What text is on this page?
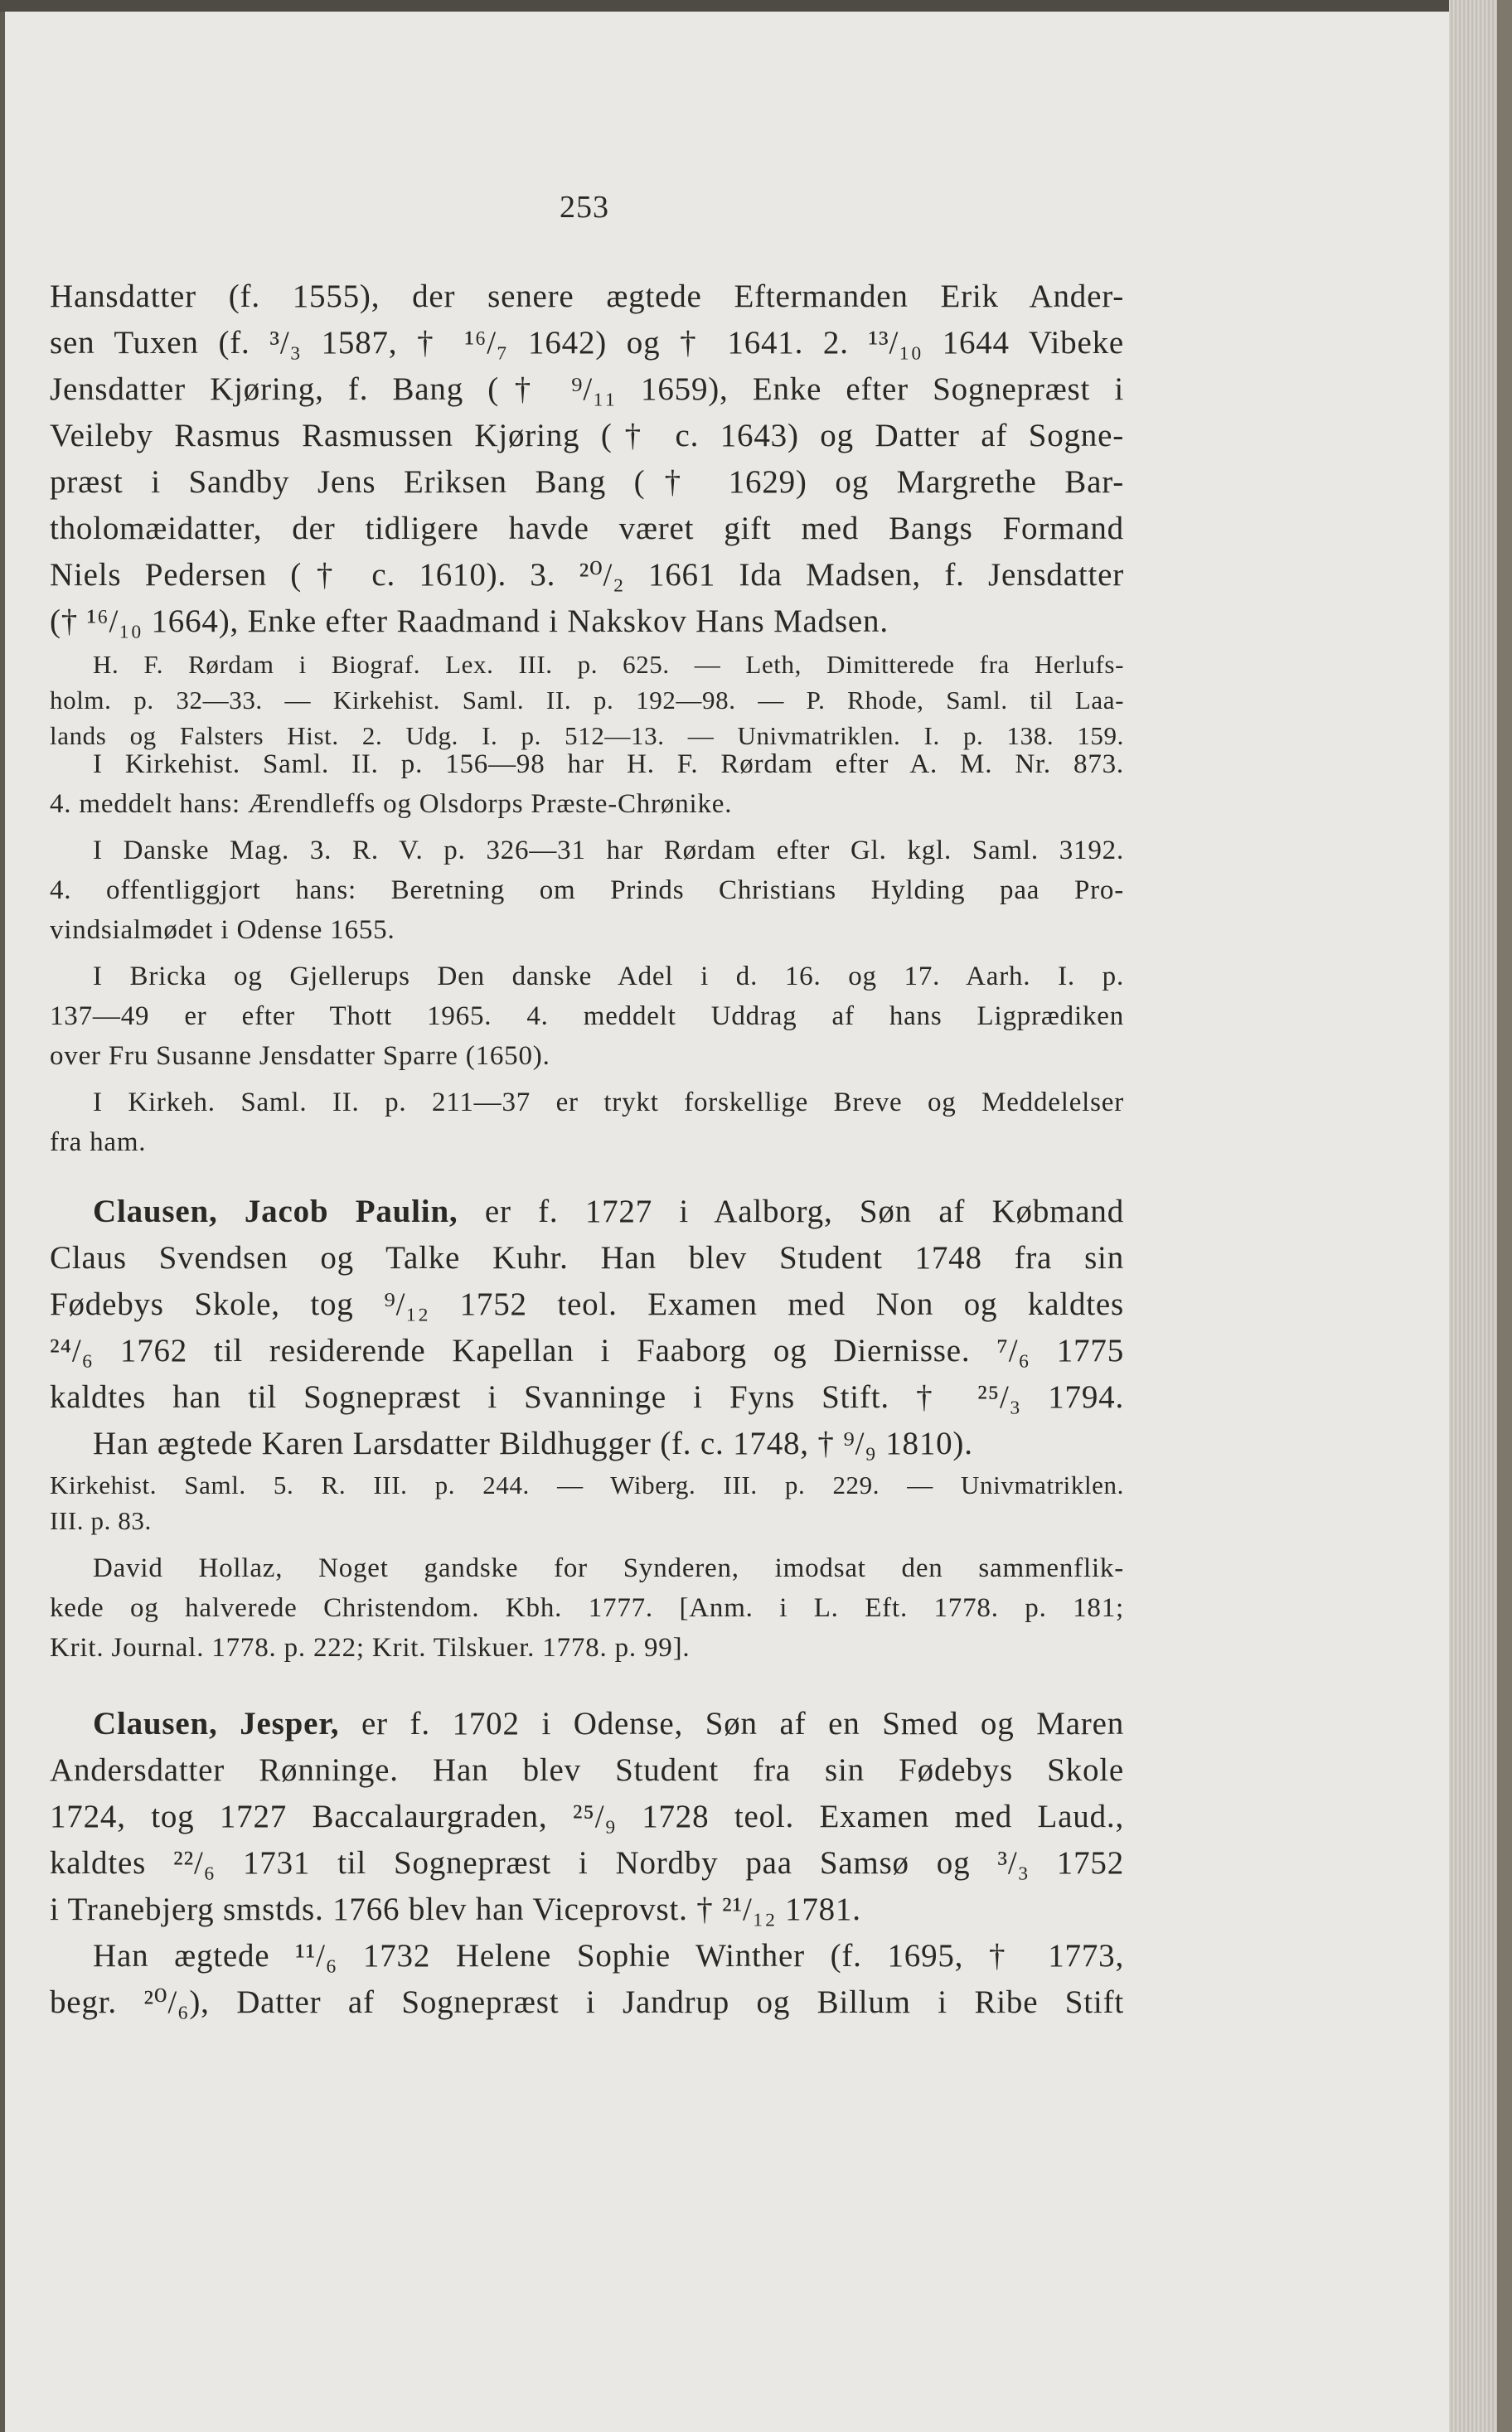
253
Hansdatter (f. 1555), der senere ægtede Eftermanden Erik Ander-
sen Tuxen (f. ³/₃ 1587, † ¹⁶/₇ 1642) og † 1641. 2. ¹³/₁₀ 1644 Vibeke
Jensdatter Kjøring, f. Bang († ⁹/₁₁ 1659), Enke efter Sognepræst i
Veileby Rasmus Rasmussen Kjøring († c. 1643) og Datter af Sogne-
præst i Sandby Jens Eriksen Bang († 1629) og Margrethe Bar-
tholomæidatter, der tidligere havde været gift med Bangs Formand
Niels Pedersen († c. 1610). 3. ²⁰/₂ 1661 Ida Madsen, f. Jensdatter
(† ¹⁶/₁₀ 1664), Enke efter Raadmand i Nakskov Hans Madsen.
H. F. Rørdam i Biograf. Lex. III. p. 625. — Leth, Dimitterede fra Herlufs-
holm. p. 32—33. — Kirkehist. Saml. II. p. 192—98. — P. Rhode, Saml. til Laa-
lands og Falsters Hist. 2. Udg. I. p. 512—13. — Univmatriklen. I. p. 138. 159.
I Kirkehist. Saml. II. p. 156—98 har H. F. Rørdam efter A. M. Nr. 873.
4. meddelt hans: Ærendleffs og Olsdorps Præste-Chrønike.
I Danske Mag. 3. R. V. p. 326—31 har Rørdam efter Gl. kgl. Saml. 3192.
4. offentliggjort hans: Beretning om Prinds Christians Hylding paa Pro-
vindsialmødet i Odense 1655.
I Bricka og Gjellerups Den danske Adel i d. 16. og 17. Aarh. I. p.
137—49 er efter Thott 1965. 4. meddelt Uddrag af hans Ligprædiken
over Fru Susanne Jensdatter Sparre (1650).
I Kirkeh. Saml. II. p. 211—37 er trykt forskellige Breve og Meddelelser
fra ham.
Clausen, Jacob Paulin, er f. 1727 i Aalborg, Søn af Købmand
Claus Svendsen og Talke Kuhr. Han blev Student 1748 fra sin
Fødebys Skole, tog ⁹/₁₂ 1752 teol. Examen med Non og kaldtes
²⁴/₆ 1762 til residerende Kapellan i Faaborg og Diernisse. ⁷/₆ 1775
kaldtes han til Sognepræst i Svanninge i Fyns Stift. † ²⁵/₃ 1794.
Han ægtede Karen Larsdatter Bildhugger (f. c. 1748, † ⁹/₉ 1810).
Kirkehist. Saml. 5. R. III. p. 244. — Wiberg. III. p. 229. — Univmatriklen.
III. p. 83.
David Hollaz, Noget gandske for Synderen, imodsat den sammenflik-
kede og halverede Christendom. Kbh. 1777. [Anm. i L. Eft. 1778. p. 181;
Krit. Journal. 1778. p. 222; Krit. Tilskuer. 1778. p. 99].
Clausen, Jesper, er f. 1702 i Odense, Søn af en Smed og Maren
Andersdatter Rønninge. Han blev Student fra sin Fødebys Skole
1724, tog 1727 Baccalaurgraden, ²⁵/₉ 1728 teol. Examen med Laud.,
kaldtes ²²/₆ 1731 til Sognepræst i Nordby paa Samsø og ³/₃ 1752
i Tranebjerg smstds. 1766 blev han Viceprovst. † ²¹/₁₂ 1781.
Han ægtede ¹¹/₆ 1732 Helene Sophie Winther (f. 1695, † 1773,
begr. ²⁰/₆), Datter af Sognepræst i Jandrup og Billum i Ribe Stift
